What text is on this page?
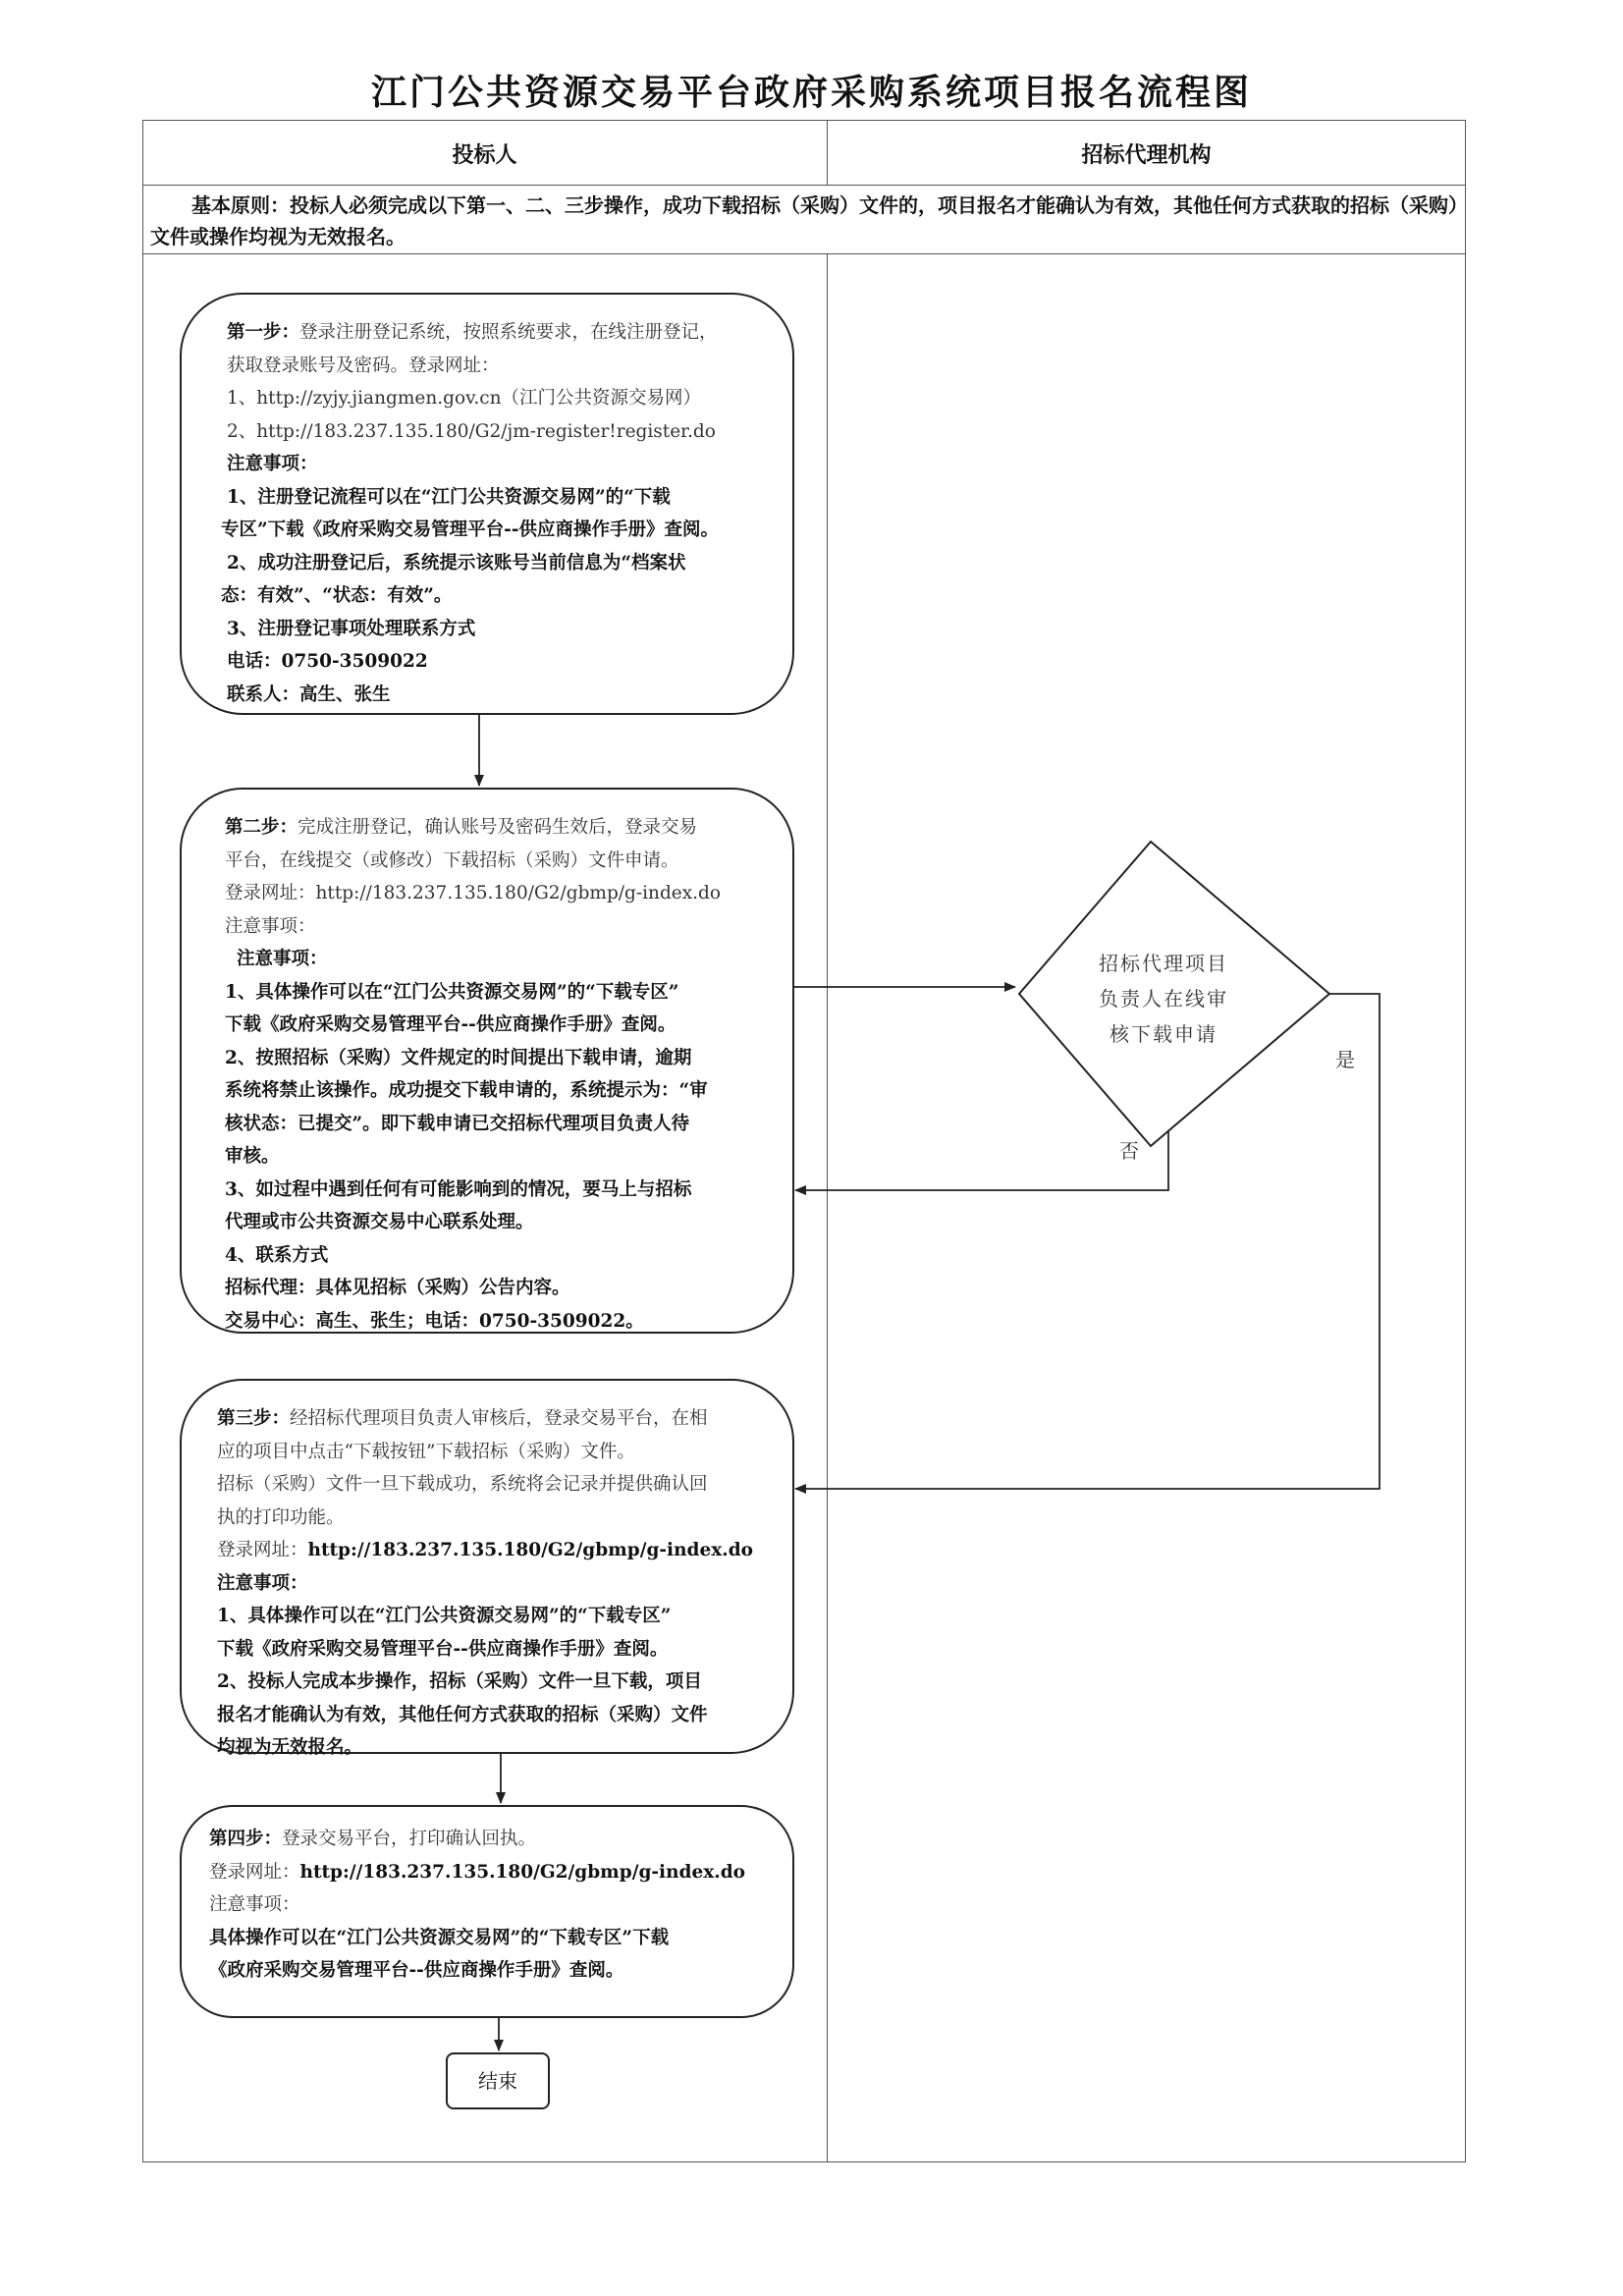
江门公共资源交易平台政府采购系统项目报名流程图
投标人	招标代理机构
基本原则：投标人必须完成以下第一、二、三步操作，成功下载招标（采购）文件的，项目报名才能确认为有效，其他任何方式获取的招标（采购）文件或操作均视为无效报名。
第一步：登录注册登记系统，按照系统要求，在线注册登记，
获取登录账号及密码。登录网址：
1、http://zyjy.jiangmen.gov.cn（江门公共资源交易网）
2、http://183.237.135.180/G2/jm-register!register.do
注意事项：
1、注册登记流程可以在“江门公共资源交易网”的“下载
专区”下载《政府采购交易管理平台--供应商操作手册》查阅。
2、成功注册登记后，系统提示该账号当前信息为“档案状
态：有效”、“状态：有效”。
3、注册登记事项处理联系方式
电话：0750-3509022
联系人：高生、张生
第二步：完成注册登记，确认账号及密码生效后，登录交易
平台，在线提交（或修改）下载招标（采购）文件申请。
登录网址：http://183.237.135.180/G2/gbmp/g-index.do
注意事项：
注意事项：
1、具体操作可以在“江门公共资源交易网”的“下载专区”
下载《政府采购交易管理平台--供应商操作手册》查阅。
2、按照招标（采购）文件规定的时间提出下载申请，逾期
系统将禁止该操作。成功提交下载申请的，系统提示为：“审
核状态：已提交”。即下载申请已交招标代理项目负责人待
审核。
3、如过程中遇到任何有可能影响到的情况，要马上与招标
代理或市公共资源交易中心联系处理。
4、联系方式
招标代理：具体见招标（采购）公告内容。
交易中心：高生、张生；电话：0750-3509022。
招标代理项目
负责人在线审
核下载申请
是
否
第三步：经招标代理项目负责人审核后，登录交易平台，在相
应的项目中点击“下载按钮”下载招标（采购）文件。
招标（采购）文件一旦下载成功，系统将会记录并提供确认回
执的打印功能。
登录网址：http://183.237.135.180/G2/gbmp/g-index.do
注意事项：
1、具体操作可以在“江门公共资源交易网”的“下载专区”
下载《政府采购交易管理平台--供应商操作手册》查阅。
2、投标人完成本步操作，招标（采购）文件一旦下载，项目
报名才能确认为有效，其他任何方式获取的招标（采购）文件
均视为无效报名。
第四步：登录交易平台，打印确认回执。
登录网址：http://183.237.135.180/G2/gbmp/g-index.do
注意事项：
具体操作可以在“江门公共资源交易网”的“下载专区”下载
《政府采购交易管理平台--供应商操作手册》查阅。
结束
